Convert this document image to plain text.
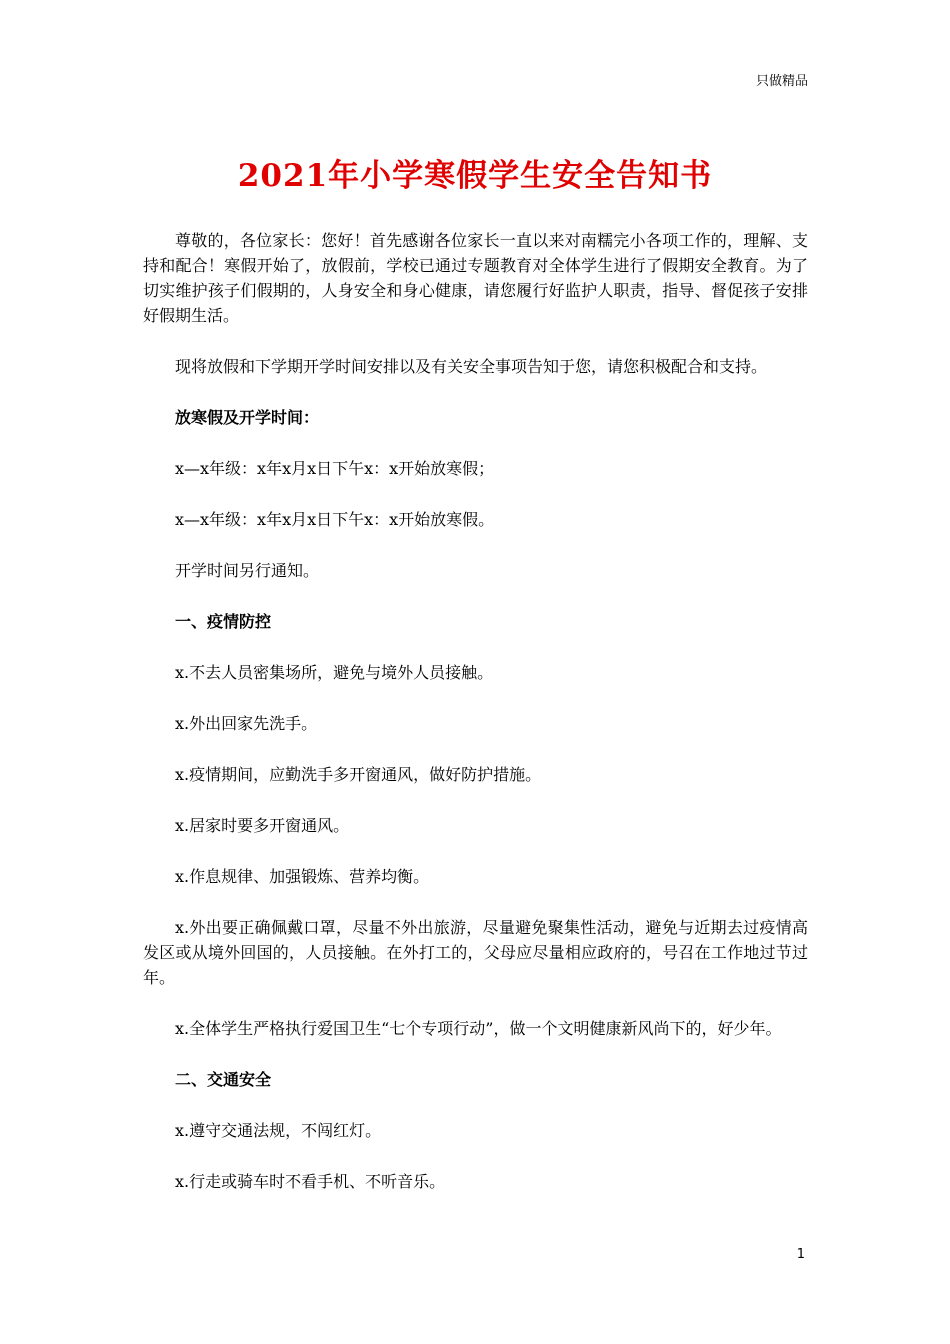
只做精品
2021年小学寒假学生安全告知书

尊敬的，各位家长：您好！首先感谢各位家长一直以来对南糯完小各项工作的，理解、支持和配合！寒假开始了，放假前，学校已通过专题教育对全体学生进行了假期安全教育。为了切实维护孩子们假期的，人身安全和身心健康，请您履行好监护人职责，指导、督促孩子安排好假期生活。

现将放假和下学期开学时间安排以及有关安全事项告知于您，请您积极配合和支持。

放寒假及开学时间：

x—x年级：x年x月x日下午x：x开始放寒假；

x—x年级：x年x月x日下午x：x开始放寒假。

开学时间另行通知。

一、疫情防控

x.不去人员密集场所，避免与境外人员接触。

x.外出回家先洗手。

x.疫情期间，应勤洗手多开窗通风，做好防护措施。

x.居家时要多开窗通风。

x.作息规律、加强锻炼、营养均衡。

x.外出要正确佩戴口罩，尽量不外出旅游，尽量避免聚集性活动，避免与近期去过疫情高发区或从境外回国的，人员接触。在外打工的，父母应尽量相应政府的，号召在工作地过节过年。

x.全体学生严格执行爱国卫生“七个专项行动”，做一个文明健康新风尚下的，好少年。

二、交通安全

x.遵守交通法规，不闯红灯。

x.行走或骑车时不看手机、不听音乐。

1
